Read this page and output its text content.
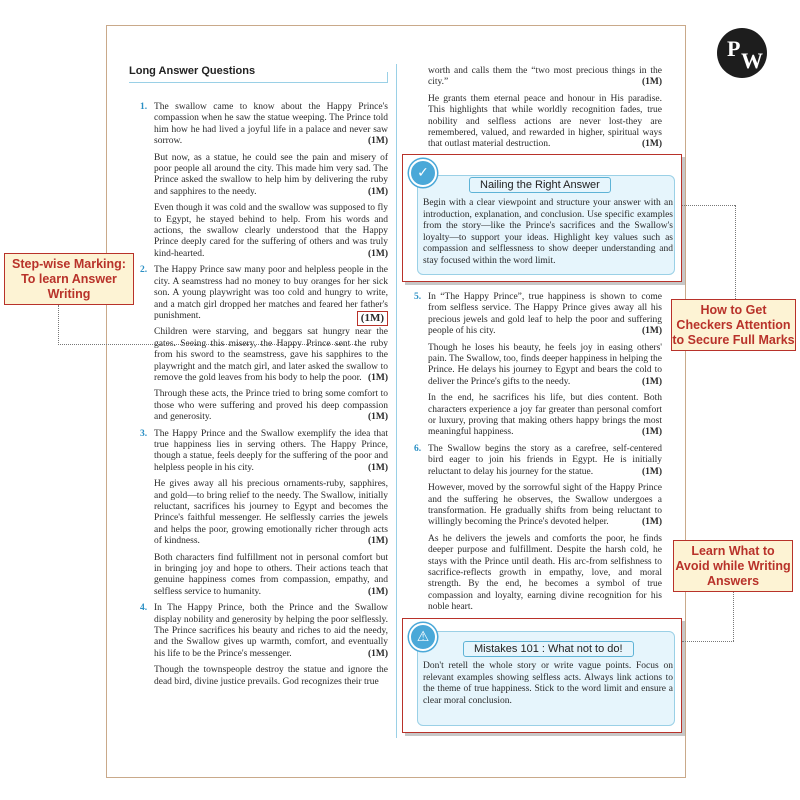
P W
Long Answer Questions
1. The swallow came to know about the Happy Prince's compassion when he saw the statue weeping. The Prince told him how he had lived a joyful life in a palace and never saw sorrow.	(1M)

But now, as a statue, he could see the pain and misery of poor people all around the city. This made him very sad. The Prince asked the swallow to help him by delivering the ruby and sapphires to the needy.	(1M)

Even though it was cold and the swallow was supposed to fly to Egypt, he stayed behind to help. From his words and actions, the swallow clearly understood that the Happy Prince deeply cared for the suffering of others and was truly kind-hearted.	(1M)

2. The Happy Prince saw many poor and helpless people in the city. A seamstress had no money to buy oranges for her sick son. A young playwright was too cold and hungry to write, and a match girl dropped her matches and feared her father's punishment.	(1M)

Children were starving, and beggars sat hungry near the gates. Seeing this misery, the Happy Prince sent the ruby from his sword to the seamstress, gave his sapphires to the playwright and the match girl, and later asked the swallow to remove the gold leaves from his body to help the poor. (1M)

Through these acts, the Prince tried to bring some comfort to those who were suffering and proved his deep compassion and generosity.	(1M)

3. The Happy Prince and the Swallow exemplify the idea that true happiness lies in serving others. The Happy Prince, though a statue, feels deeply for the suffering of the poor and helpless people in his city.	(1M)

He gives away all his precious ornaments-ruby, sapphires, and gold—to bring relief to the needy. The Swallow, initially reluctant, sacrifices his journey to Egypt and becomes the Prince's faithful messenger. He selflessly carries the jewels and helps the poor, growing emotionally richer through acts of kindness.	(1M)

Both characters find fulfillment not in personal comfort but in bringing joy and hope to others. Their actions teach that genuine happiness comes from compassion, empathy, and selfless service to humanity.	(1M)

4. In The Happy Prince, both the Prince and the Swallow display nobility and generosity by helping the poor selflessly. The Prince sacrifices his beauty and riches to aid the needy, and the Swallow gives up warmth, comfort, and eventually his life to be the Prince's messenger.	(1M)

Though the townspeople destroy the statue and ignore the dead bird, divine justice prevails. God recognizes their true

worth and calls them the “two most precious things in the city.”	(1M)

He grants them eternal peace and honour in His paradise. This highlights that while worldly recognition fades, true nobility and selfless actions are never lost-they are remembered, valued, and rewarded in higher, spiritual ways that outlast material destruction.	(1M)

5. In “The Happy Prince”, true happiness is shown to come from selfless service. The Happy Prince gives away all his precious jewels and gold leaf to help the poor and suffering people of his city.	(1M)

Though he loses his beauty, he feels joy in easing others' pain. The Swallow, too, finds deeper happiness in helping the Prince. He delays his journey to Egypt and bears the cold to deliver the Prince's gifts to the needy.	(1M)

In the end, he sacrifices his life, but dies content. Both characters experience a joy far greater than personal comfort or luxury, proving that making others happy brings the most meaningful happiness.	(1M)

6. The Swallow begins the story as a carefree, self-centered bird eager to join his friends in Egypt. He is initially reluctant to delay his journey for the statue.	(1M)

However, moved by the sorrowful sight of the Happy Prince and the suffering he observes, the Swallow undergoes a transformation. He gradually shifts from being reluctant to willingly becoming the Prince's devoted helper.	(1M)

As he delivers the jewels and comforts the poor, he finds deeper purpose and fulfillment. Despite the harsh cold, he stays with the Prince until death. His arc-from selfishness to sacrifice-reflects growth in empathy, love, and moral strength. By the end, he becomes a symbol of true compassion and loyalty, earning divine recognition for his noble heart.

✓
Nailing the Right Answer
Begin with a clear viewpoint and structure your answer with an introduction, explanation, and conclusion. Use specific examples from the story—like the Prince's sacrifices and the Swallow's loyalty—to support your ideas. Highlight key values such as compassion and selflessness to show deeper understanding and stay focused within the word limit.
⚠
Mistakes 101 : What not to do!
Don't retell the whole story or write vague points. Focus on relevant examples showing selfless acts. Always link actions to the theme of true happiness. Stick to the word limit and ensure a clear moral conclusion.
Step-wise Marking: To learn Answer Writing
How to Get Checkers Attention to Secure Full Marks
Learn What to Avoid while Writing Answers
